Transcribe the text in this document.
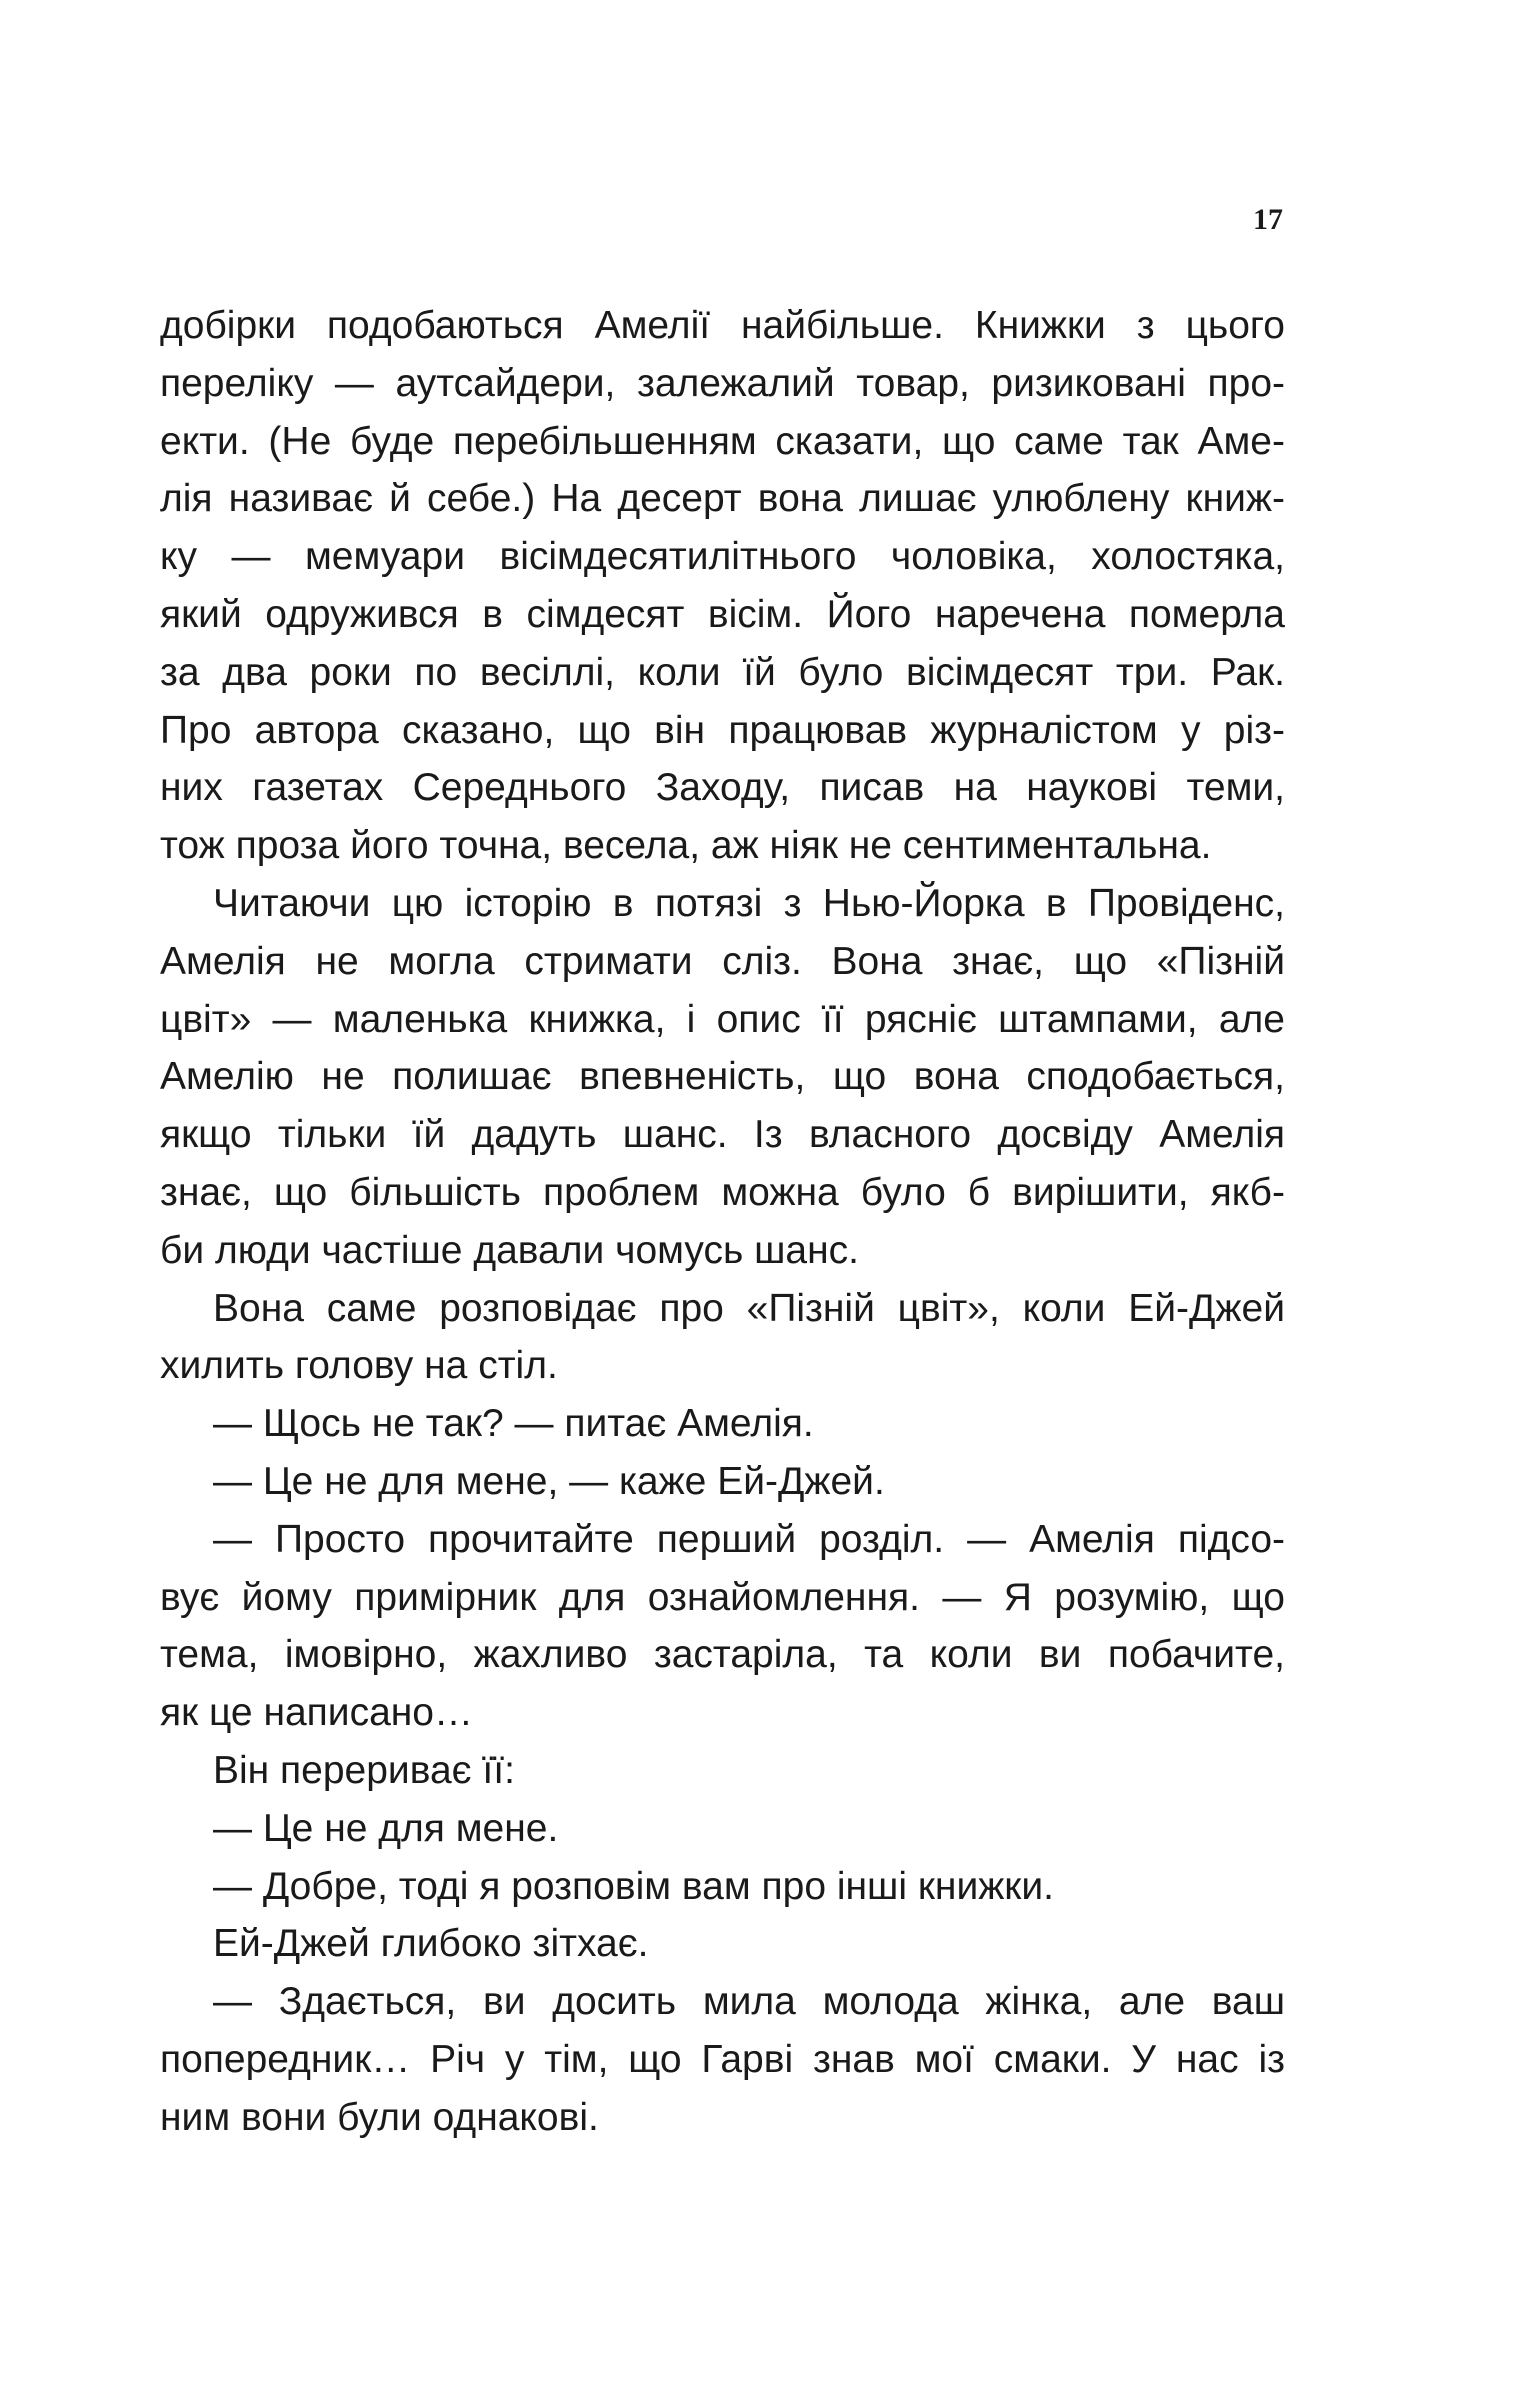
17
добірки подобаються Амелії найбільше. Книжки з цього
переліку — аутсайдери, залежалий товар, ризиковані про-
екти. (Не буде перебільшенням сказати, що саме так Аме-
лія називає й себе.) На десерт вона лишає улюблену книж-
ку — мемуари вісімдесятилітнього чоловіка, холостяка,
який одружився в сімдесят вісім. Його наречена померла
за два роки по весіллі, коли їй було вісімдесят три. Рак.
Про автора сказано, що він працював журналістом у різ-
них газетах Середнього Заходу, писав на наукові теми,
тож проза його точна, весела, аж ніяк не сентиментальна.
Читаючи цю історію в потязі з Нью-Йорка в Провіденс,
Амелія не могла стримати сліз. Вона знає, що «Пізній
цвіт» — маленька книжка, і опис її рясніє штампами, але
Амелію не полишає впевненість, що вона сподобається,
якщо тільки їй дадуть шанс. Із власного досвіду Амелія
знає, що більшість проблем можна було б вирішити, якб-
би люди частіше давали чомусь шанс.
Вона саме розповідає про «Пізній цвіт», коли Ей-Джей
хилить голову на стіл.
— Щось не так? — питає Амелія.
— Це не для мене, — каже Ей-Джей.
— Просто прочитайте перший розділ. — Амелія підсо-
вує йому примірник для ознайомлення. — Я розумію, що
тема, імовірно, жахливо застаріла, та коли ви побачите,
як це написано…
Він перериває її:
— Це не для мене.
— Добре, тоді я розповім вам про інші книжки.
Ей-Джей глибоко зітхає.
— Здається, ви досить мила молода жінка, але ваш
попередник… Річ у тім, що Гарві знав мої смаки. У нас із
ним вони були однакові.
